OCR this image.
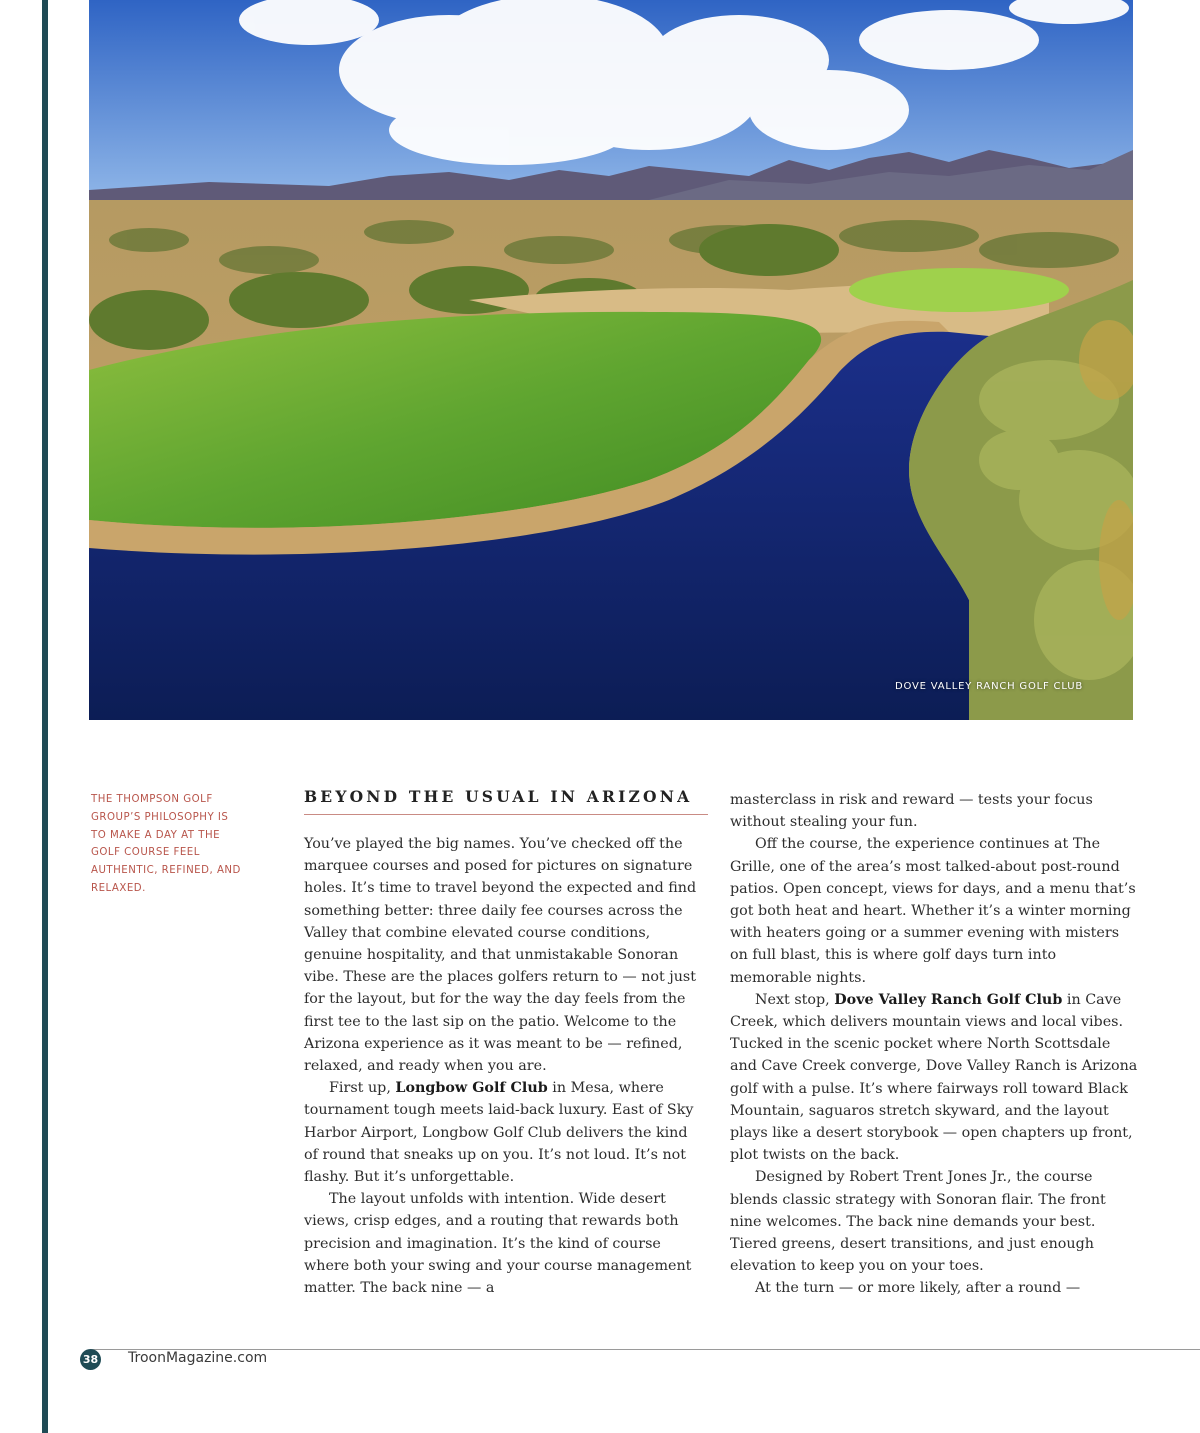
DOVE VALLEY RANCH GOLF CLUB
THE THOMPSON GOLF GROUP’S PHILOSOPHY IS TO MAKE A DAY AT THE GOLF COURSE FEEL AUTHENTIC, REFINED, AND RELAXED.
BEYOND THE USUAL IN ARIZONA

You’ve played the big names. You’ve checked off the marquee courses and posed for pictures on signature holes. It’s time to travel beyond the expected and find something better: three daily fee courses across the Valley that combine elevated course conditions, genuine hospitality, and that unmistakable Sonoran vibe. These are the places golfers return to — not just for the layout, but for the way the day feels from the first tee to the last sip on the patio. Welcome to the Arizona experience as it was meant to be — refined, relaxed, and ready when you are.

First up, Longbow Golf Club in Mesa, where tournament tough meets laid-back luxury. East of Sky Harbor Airport, Longbow Golf Club delivers the kind of round that sneaks up on you. It’s not loud. It’s not flashy. But it’s unforgettable.

The layout unfolds with intention. Wide desert views, crisp edges, and a routing that rewards both precision and imagination. It’s the kind of course where both your swing and your course management matter. The back nine — a

masterclass in risk and reward — tests your focus without stealing your fun.

Off the course, the experience continues at The Grille, one of the area’s most talked-about post-round patios. Open concept, views for days, and a menu that’s got both heat and heart. Whether it’s a winter morning with heaters going or a summer evening with misters on full blast, this is where golf days turn into memorable nights.

Next stop, Dove Valley Ranch Golf Club in Cave Creek, which delivers mountain views and local vibes. Tucked in the scenic pocket where North Scottsdale and Cave Creek converge, Dove Valley Ranch is Arizona golf with a pulse. It’s where fairways roll toward Black Mountain, saguaros stretch skyward, and the layout plays like a desert storybook — open chapters up front, plot twists on the back.

Designed by Robert Trent Jones Jr., the course blends classic strategy with Sonoran flair. The front nine welcomes. The back nine demands your best. Tiered greens, desert transitions, and just enough elevation to keep you on your toes.

At the turn — or more likely, after a round —

38 TroonMagazine.com
